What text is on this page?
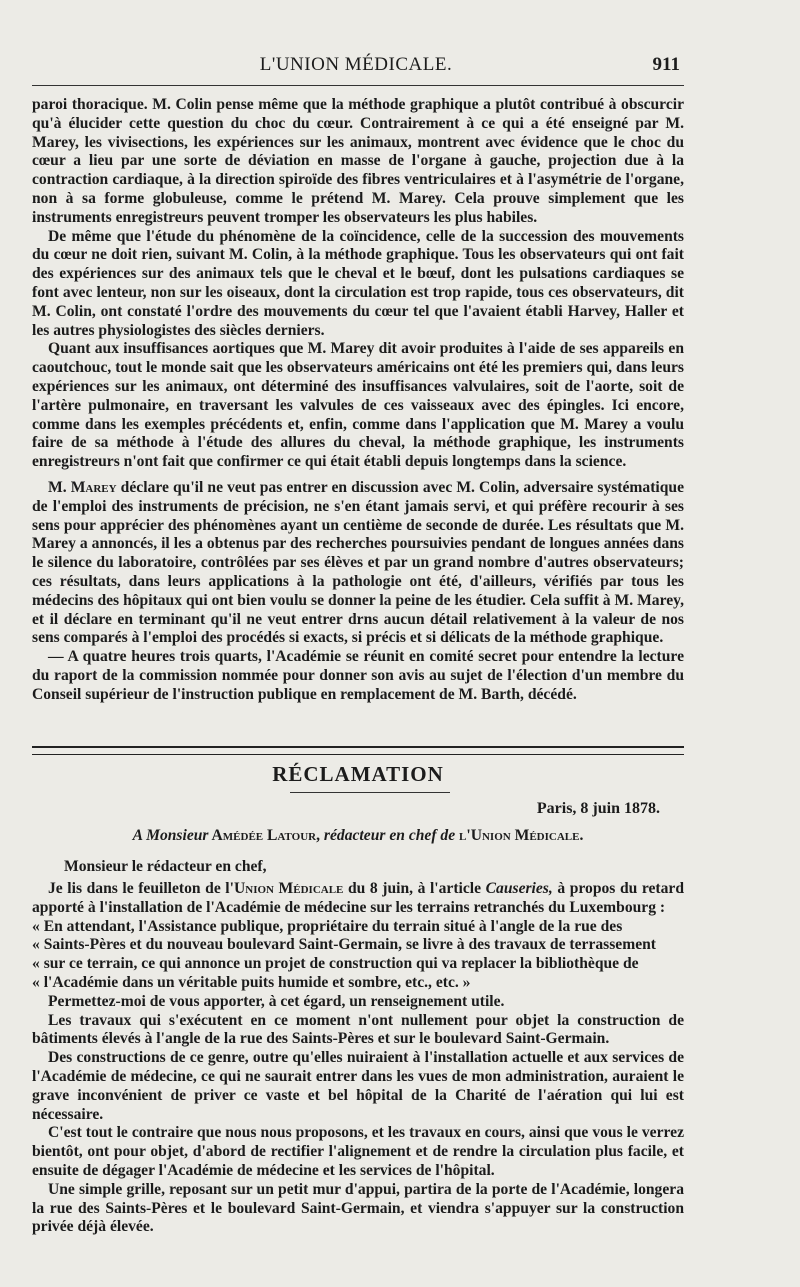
L'UNION MÉDICALE.	911

paroi thoracique. M. Colin pense même que la méthode graphique a plutôt contribué à obscurcir qu'à élucider cette question du choc du cœur. Contrairement à ce qui a été enseigné par M. Marey, les vivisections, les expériences sur les animaux, montrent avec évidence que le choc du cœur a lieu par une sorte de déviation en masse de l'organe à gauche, projection due à la contraction cardiaque, à la direction spiroïde des fibres ventriculaires et à l'asymétrie de l'organe, non à sa forme globuleuse, comme le prétend M. Marey. Cela prouve simplement que les instruments enregistreurs peuvent tromper les observateurs les plus habiles.

De même que l'étude du phénomène de la coïncidence, celle de la succession des mouvements du cœur ne doit rien, suivant M. Colin, à la méthode graphique. Tous les observateurs qui ont fait des expériences sur des animaux tels que le cheval et le bœuf, dont les pulsations cardiaques se font avec lenteur, non sur les oiseaux, dont la circulation est trop rapide, tous ces observateurs, dit M. Colin, ont constaté l'ordre des mouvements du cœur tel que l'avaient établi Harvey, Haller et les autres physiologistes des siècles derniers.

Quant aux insuffisances aortiques que M. Marey dit avoir produites à l'aide de ses appareils en caoutchouc, tout le monde sait que les observateurs américains ont été les premiers qui, dans leurs expériences sur les animaux, ont déterminé des insuffisances valvulaires, soit de l'aorte, soit de l'artère pulmonaire, en traversant les valvules de ces vaisseaux avec des épingles. Ici encore, comme dans les exemples précédents et, enfin, comme dans l'application que M. Marey a voulu faire de sa méthode à l'étude des allures du cheval, la méthode graphique, les instruments enregistreurs n'ont fait que confirmer ce qui était établi depuis longtemps dans la science.

M. Marey déclare qu'il ne veut pas entrer en discussion avec M. Colin, adversaire systématique de l'emploi des instruments de précision, ne s'en étant jamais servi, et qui préfère recourir à ses sens pour apprécier des phénomènes ayant un centième de seconde de durée. Les résultats que M. Marey a annoncés, il les a obtenus par des recherches poursuivies pendant de longues années dans le silence du laboratoire, contrôlées par ses élèves et par un grand nombre d'autres observateurs; ces résultats, dans leurs applications à la pathologie ont été, d'ailleurs, vérifiés par tous les médecins des hôpitaux qui ont bien voulu se donner la peine de les étudier. Cela suffit à M. Marey, et il déclare en terminant qu'il ne veut entrer drns aucun détail relativement à la valeur de nos sens comparés à l'emploi des procédés si exacts, si précis et si délicats de la méthode graphique.

— A quatre heures trois quarts, l'Académie se réunit en comité secret pour entendre la lecture du raport de la commission nommée pour donner son avis au sujet de l'élection d'un membre du Conseil supérieur de l'instruction publique en remplacement de M. Barth, décédé.

RÉCLAMATION
Paris, 8 juin 1878.
A Monsieur Amédée Latour, rédacteur en chef de l'Union Médicale.
Monsieur le rédacteur en chef,

Je lis dans le feuilleton de l'Union Médicale du 8 juin, à l'article Causeries, à propos du retard apporté à l'installation de l'Académie de médecine sur les terrains retranchés du Luxembourg :

« En attendant, l'Assistance publique, propriétaire du terrain situé à l'angle de la rue des

« Saints-Pères et du nouveau boulevard Saint-Germain, se livre à des travaux de terrassement

« sur ce terrain, ce qui annonce un projet de construction qui va replacer la bibliothèque de

« l'Académie dans un véritable puits humide et sombre, etc., etc. »

Permettez-moi de vous apporter, à cet égard, un renseignement utile.

Les travaux qui s'exécutent en ce moment n'ont nullement pour objet la construction de bâtiments élevés à l'angle de la rue des Saints-Pères et sur le boulevard Saint-Germain.

Des constructions de ce genre, outre qu'elles nuiraient à l'installation actuelle et aux services de l'Académie de médecine, ce qui ne saurait entrer dans les vues de mon administration, auraient le grave inconvénient de priver ce vaste et bel hôpital de la Charité de l'aération qui lui est nécessaire.

C'est tout le contraire que nous nous proposons, et les travaux en cours, ainsi que vous le verrez bientôt, ont pour objet, d'abord de rectifier l'alignement et de rendre la circulation plus facile, et ensuite de dégager l'Académie de médecine et les services de l'hôpital.

Une simple grille, reposant sur un petit mur d'appui, partira de la porte de l'Académie, longera la rue des Saints-Pères et le boulevard Saint-Germain, et viendra s'appuyer sur la construction privée déjà élevée.
